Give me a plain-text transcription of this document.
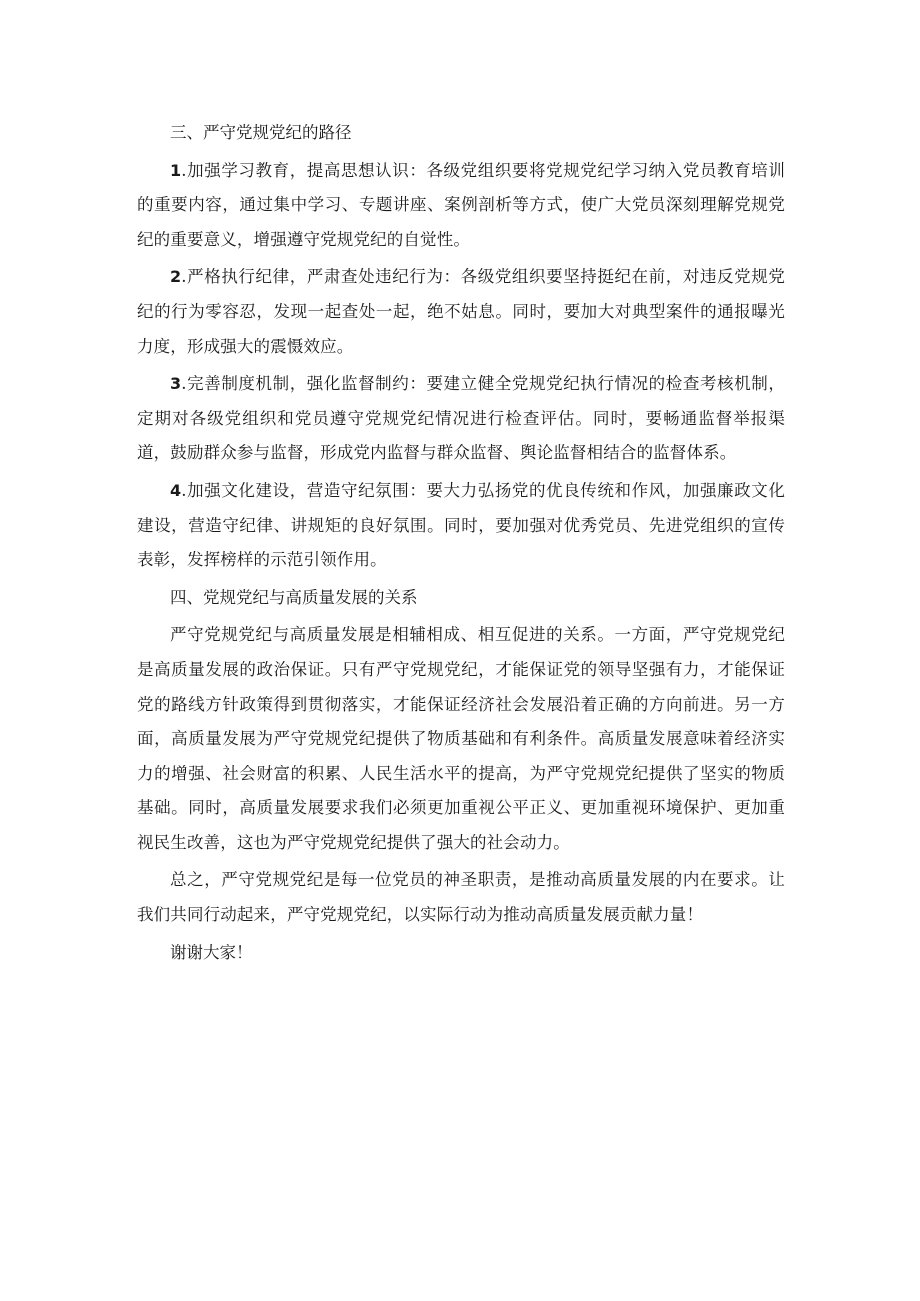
三、严守党规党纪的路径

1.加强学习教育，提高思想认识：各级党组织要将党规党纪学习纳入党员教育培训的重要内容，通过集中学习、专题讲座、案例剖析等方式，使广大党员深刻理解党规党纪的重要意义，增强遵守党规党纪的自觉性。

2.严格执行纪律，严肃查处违纪行为：各级党组织要坚持挺纪在前，对违反党规党纪的行为零容忍，发现一起查处一起，绝不姑息。同时，要加大对典型案件的通报曝光力度，形成强大的震慑效应。

3.完善制度机制，强化监督制约：要建立健全党规党纪执行情况的检查考核机制，定期对各级党组织和党员遵守党规党纪情况进行检查评估。同时，要畅通监督举报渠道，鼓励群众参与监督，形成党内监督与群众监督、舆论监督相结合的监督体系。

4.加强文化建设，营造守纪氛围：要大力弘扬党的优良传统和作风，加强廉政文化建设，营造守纪律、讲规矩的良好氛围。同时，要加强对优秀党员、先进党组织的宣传表彰，发挥榜样的示范引领作用。

四、党规党纪与高质量发展的关系

严守党规党纪与高质量发展是相辅相成、相互促进的关系。一方面，严守党规党纪是高质量发展的政治保证。只有严守党规党纪，才能保证党的领导坚强有力，才能保证党的路线方针政策得到贯彻落实，才能保证经济社会发展沿着正确的方向前进。另一方面，高质量发展为严守党规党纪提供了物质基础和有利条件。高质量发展意味着经济实力的增强、社会财富的积累、人民生活水平的提高，为严守党规党纪提供了坚实的物质基础。同时，高质量发展要求我们必须更加重视公平正义、更加重视环境保护、更加重视民生改善，这也为严守党规党纪提供了强大的社会动力。

总之，严守党规党纪是每一位党员的神圣职责，是推动高质量发展的内在要求。让我们共同行动起来，严守党规党纪，以实际行动为推动高质量发展贡献力量！

谢谢大家！
